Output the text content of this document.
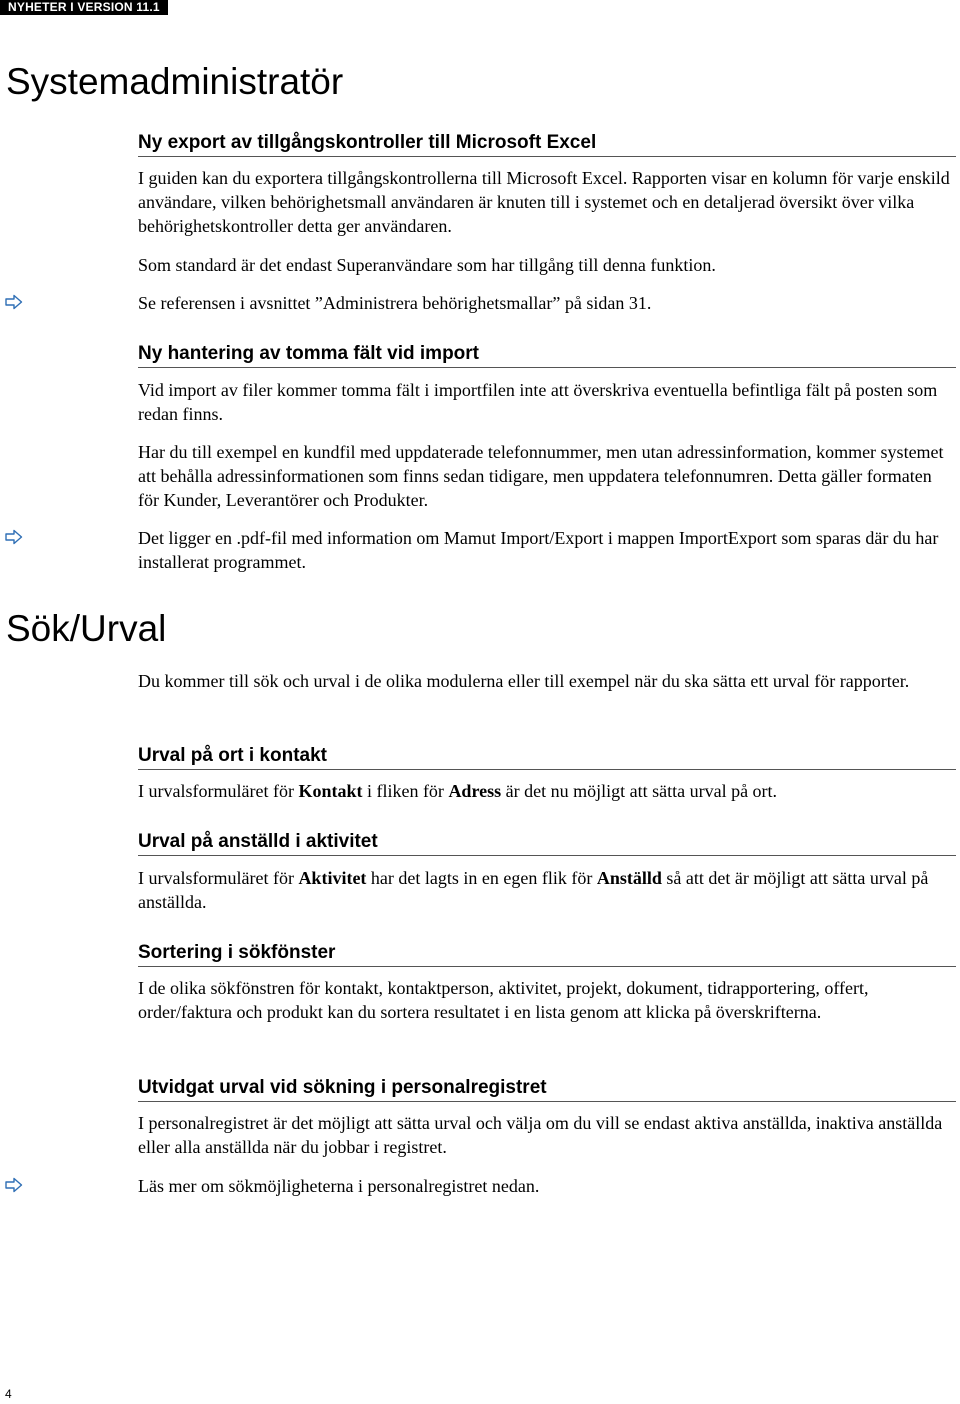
NYHETER I VERSION 11.1
Systemadministratör
Ny export av tillgångskontroller till Microsoft Excel

I guiden kan du exportera tillgångskontrollerna till Microsoft Excel. Rapporten visar en kolumn för varje enskild användare, vilken behörighetsmall användaren är knuten till i systemet och en detaljerad översikt över vilka behörighetskontroller detta ger användaren.

Som standard är det endast Superanvändare som har tillgång till denna funktion.

Se referensen i avsnittet ”Administrera behörighetsmallar” på sidan 31.

Ny hantering av tomma fält vid import

Vid import av filer kommer tomma fält i importfilen inte att överskriva eventuella befintliga fält på posten som redan finns.

Har du till exempel en kundfil med uppdaterade telefonnummer, men utan adressinformation, kommer systemet att behålla adressinformationen som finns sedan tidigare, men uppdatera telefonnumren. Detta gäller formaten för Kunder, Leverantörer och Produkter.

Det ligger en .pdf-fil med information om Mamut Import/Export i mappen ImportExport som sparas där du har installerat programmet.

Sök/Urval

Du kommer till sök och urval i de olika modulerna eller till exempel när du ska sätta ett urval för rapporter.

Urval på ort i kontakt

I urvalsformuläret för Kontakt i fliken för Adress är det nu möjligt att sätta urval på ort.

Urval på anställd i aktivitet

I urvalsformuläret för Aktivitet har det lagts in en egen flik för Anställd så att det är möjligt att sätta urval på anställda.

Sortering i sökfönster

I de olika sökfönstren för kontakt, kontaktperson, aktivitet, projekt, dokument, tidrapportering, offert, order/faktura och produkt kan du sortera resultatet i en lista genom att klicka på överskrifterna.

Utvidgat urval vid sökning i personalregistret

I personalregistret är det möjligt att sätta urval och välja om du vill se endast aktiva anställda, inaktiva anställda eller alla anställda när du jobbar i registret.

Läs mer om sökmöjligheterna i personalregistret nedan.

4
